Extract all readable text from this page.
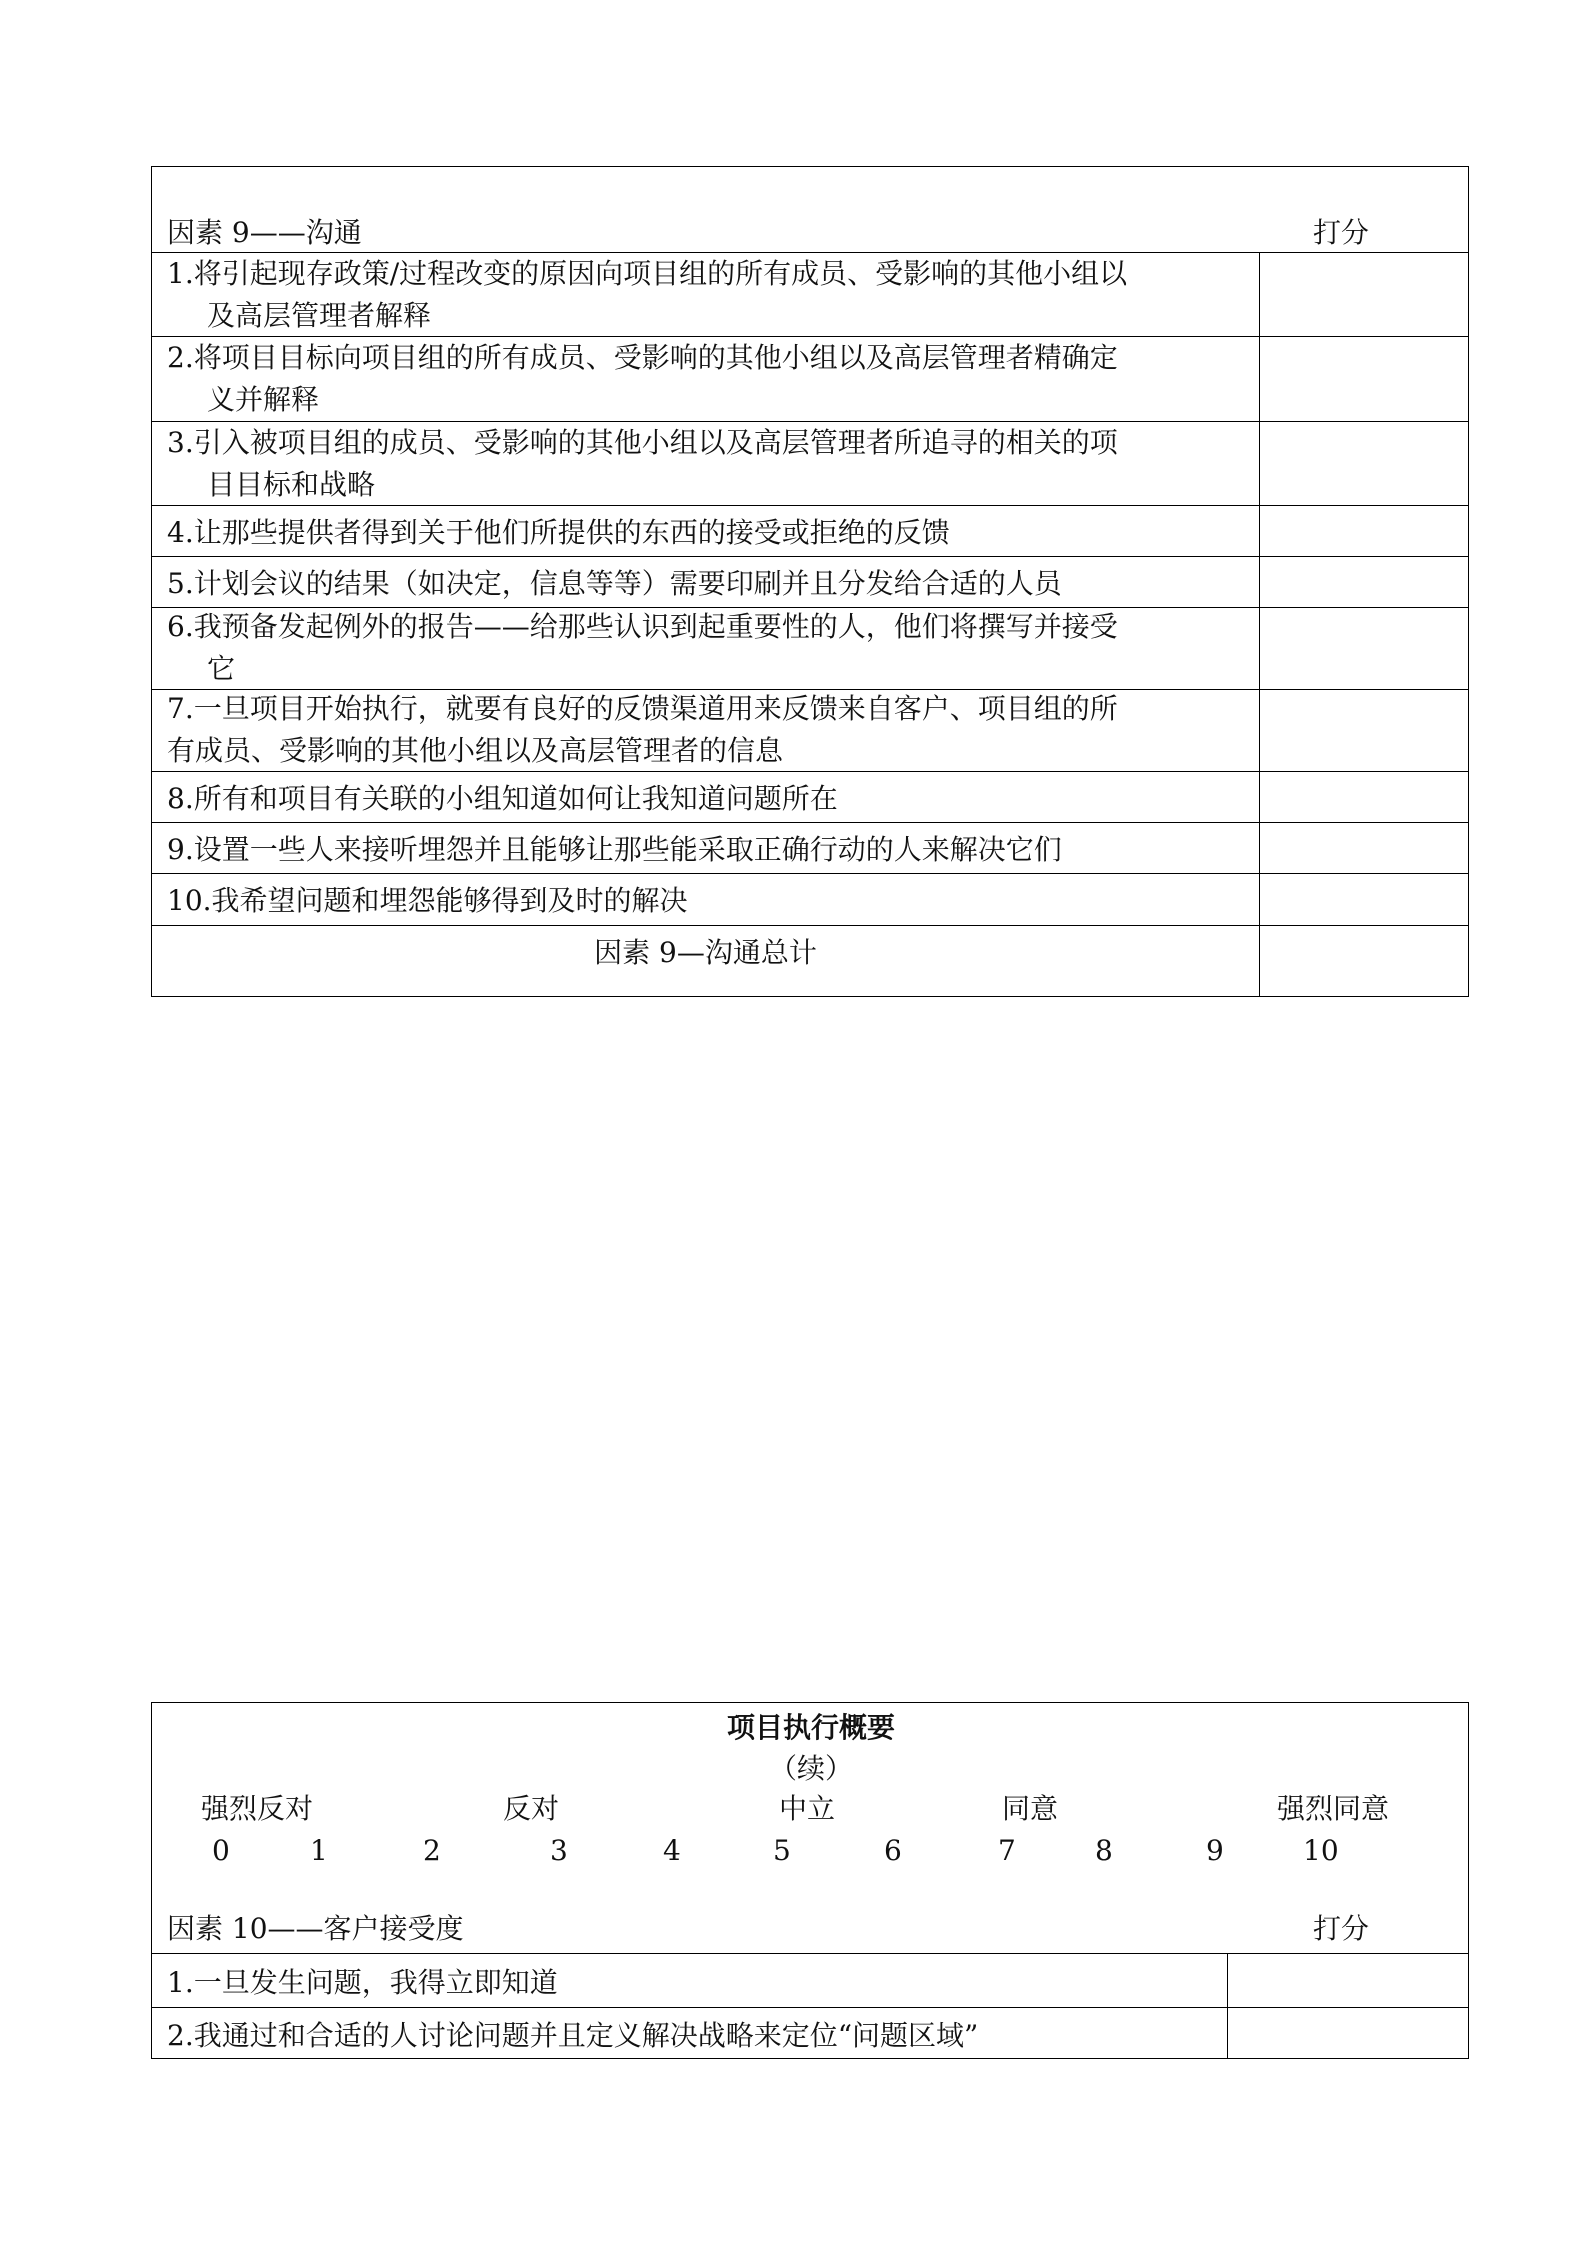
因素 9——沟通	打分
1.将引起现存政策/过程改变的原因向项目组的所有成员、受影响的其他小组以
及高层管理者解释
2.将项目目标向项目组的所有成员、受影响的其他小组以及高层管理者精确定
义并解释
3.引入被项目组的成员、受影响的其他小组以及高层管理者所追寻的相关的项
目目标和战略
4.让那些提供者得到关于他们所提供的东西的接受或拒绝的反馈
5.计划会议的结果（如决定，信息等等）需要印刷并且分发给合适的人员
6.我预备发起例外的报告——给那些认识到起重要性的人，他们将撰写并接受
它
7.一旦项目开始执行，就要有良好的反馈渠道用来反馈来自客户、项目组的所
有成员、受影响的其他小组以及高层管理者的信息
8.所有和项目有关联的小组知道如何让我知道问题所在
9.设置一些人来接听埋怨并且能够让那些能采取正确行动的人来解决它们
10.我希望问题和埋怨能够得到及时的解决
因素 9—沟通总计
项目执行概要
（续）
强烈反对	反对	中立	同意	强烈同意
0	1	2	3	4	5	6	7	8	9	10
因素 10——客户接受度	打分
1.一旦发生问题，我得立即知道
2.我通过和合适的人讨论问题并且定义解决战略来定位“问题区域”
